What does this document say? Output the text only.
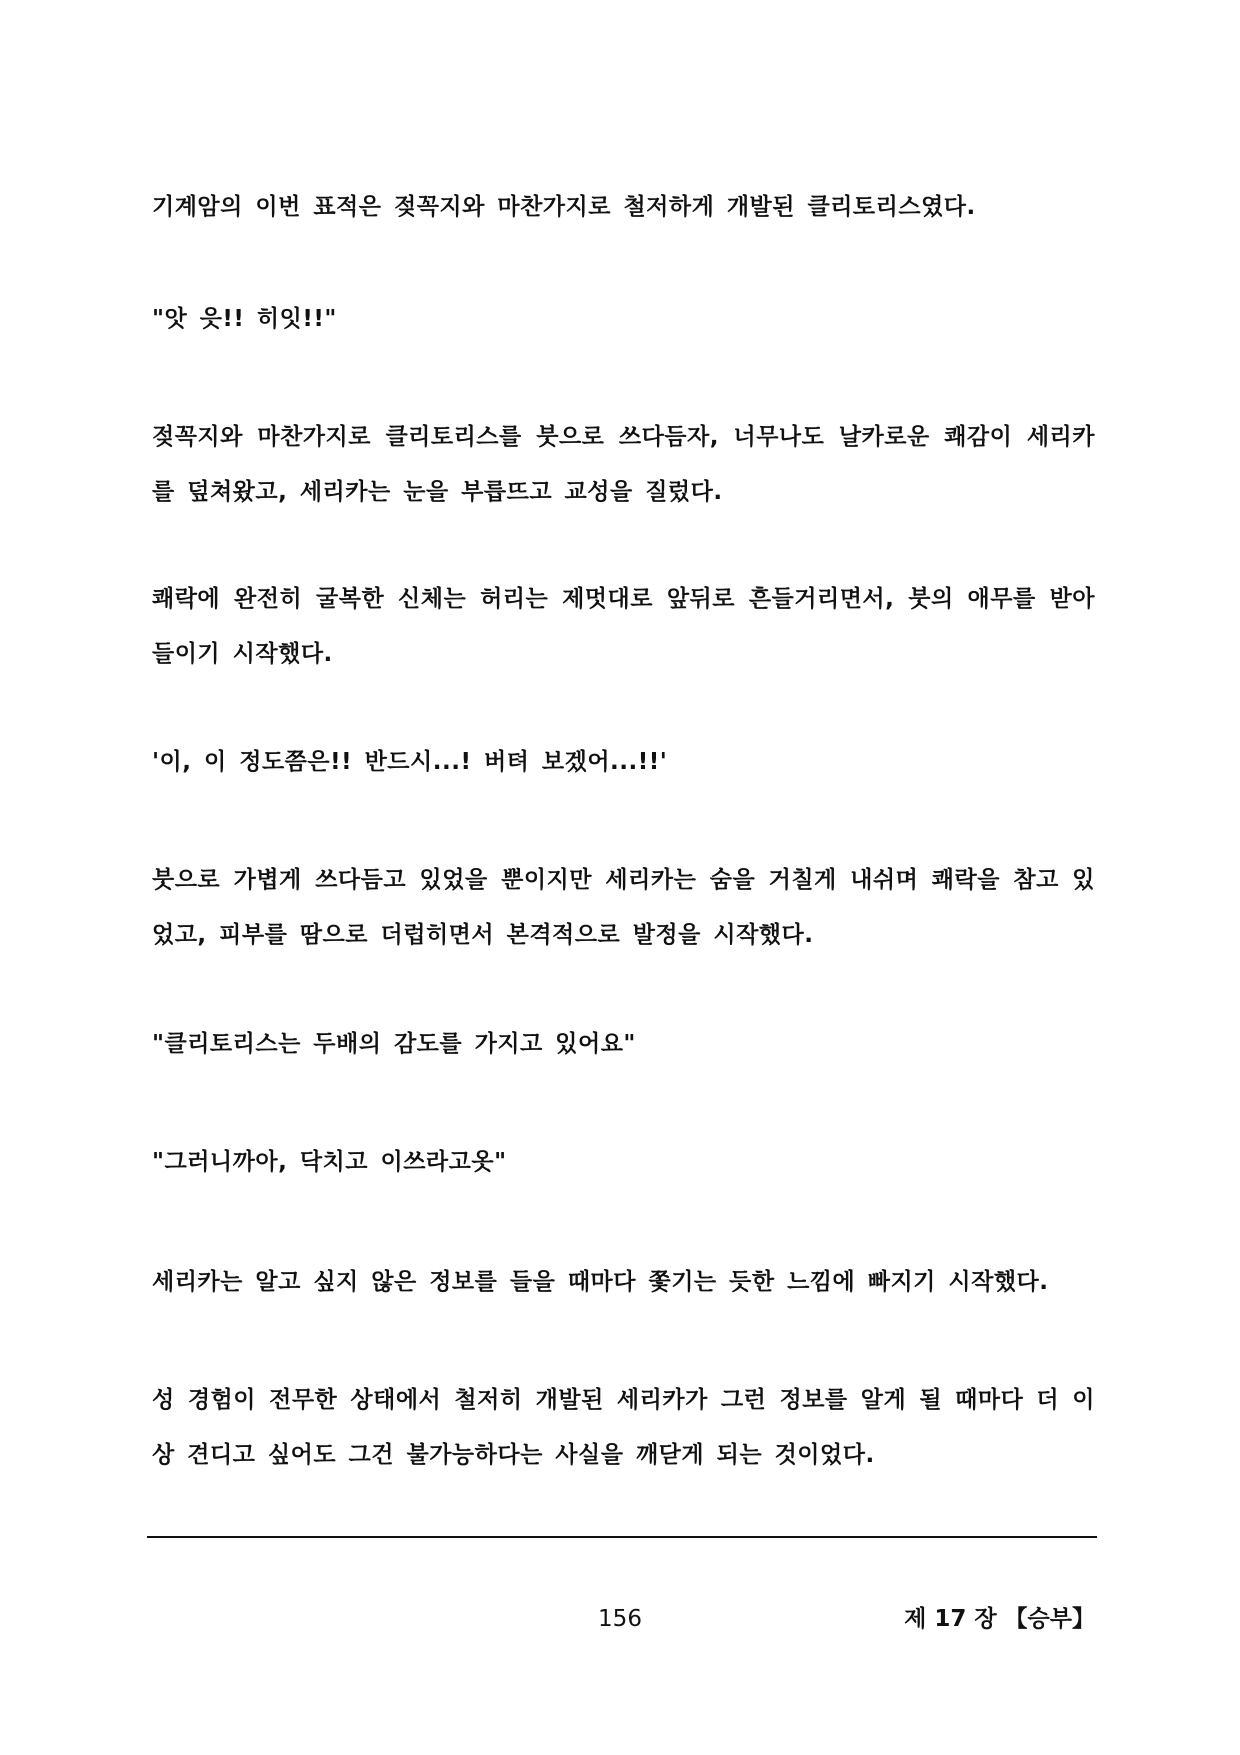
기계암의 이번 표적은 젖꼭지와 마찬가지로 철저하게 개발된 클리토리스였다.

"앗 읏!! 히잇!!"

젖꼭지와 마찬가지로 클리토리스를 붓으로 쓰다듬자, 너무나도 날카로운 쾌감이 세리카를 덮쳐왔고, 세리카는 눈을 부릅뜨고 교성을 질렀다.

쾌락에 완전히 굴복한 신체는 허리는 제멋대로 앞뒤로 흔들거리면서, 붓의 애무를 받아들이기 시작했다.

'이, 이 정도쯤은!! 반드시...! 버텨 보겠어...!!'

붓으로 가볍게 쓰다듬고 있었을 뿐이지만 세리카는 숨을 거칠게 내쉬며 쾌락을 참고 있었고, 피부를 땀으로 더럽히면서 본격적으로 발정을 시작했다.

"클리토리스는 두배의 감도를 가지고 있어요"

"그러니까아, 닥치고 이쓰라고옷"

세리카는 알고 싶지 않은 정보를 들을 때마다 쫓기는 듯한 느낌에 빠지기 시작했다.

성 경험이 전무한 상태에서 철저히 개발된 세리카가 그런 정보를 알게 될 때마다 더 이상 견디고 싶어도 그건 불가능하다는 사실을 깨닫게 되는 것이었다.

156	제 17 장 【승부】
